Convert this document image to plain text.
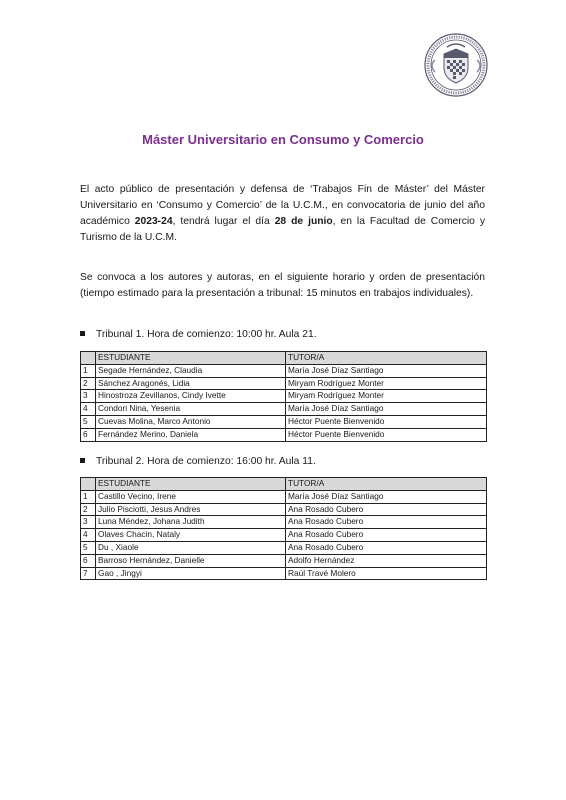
Máster Universitario en Consumo y Comercio

El acto público de presentación y defensa de ‘Trabajos Fin de Máster’ del Máster Universitario en ‘Consumo y Comercio’ de la U.C.M., en convocatoria de junio del año académico 2023-24, tendrá lugar el día 28 de junio, en la Facultad de Comercio y Turismo de la U.C.M.

Se convoca a los autores y autoras, en el siguiente horario y orden de presentación (tiempo estimado para la presentación a tribunal: 15 minutos en trabajos individuales).

Tribunal 1. Hora de comienzo: 10:00 hr. Aula 21.
	ESTUDIANTE	TUTOR/A
1	Segade Hernández, Claudia	María José Díaz Santiago
2	Sánchez Aragonés, Lidia	Miryam Rodríguez Monter
3	Hinostroza Zevillanos, Cindy Ivette	Miryam Rodríguez Monter
4	Condori Nina, Yesenia	María José Díaz Santiago
5	Cuevas Molina, Marco Antonio	Héctor Puente Bienvenido
6	Fernández Merino, Daniela	Héctor Puente Bienvenido
Tribunal 2. Hora de comienzo: 16:00 hr. Aula 11.
	ESTUDIANTE	TUTOR/A
1	Castillo Vecino, Irene	María José Díaz Santiago
2	Julio Pisciotti, Jesus Andres	Ana Rosado Cubero
3	Luna Méndez, Johana Judith	Ana Rosado Cubero
4	Olaves Chacin, Nataly	Ana Rosado Cubero
5	Du , Xiaole	Ana Rosado Cubero
6	Barroso Hernández, Danielle	Adolfo Hernández
7	Gao , Jingyi	Raúl Travé Molero
